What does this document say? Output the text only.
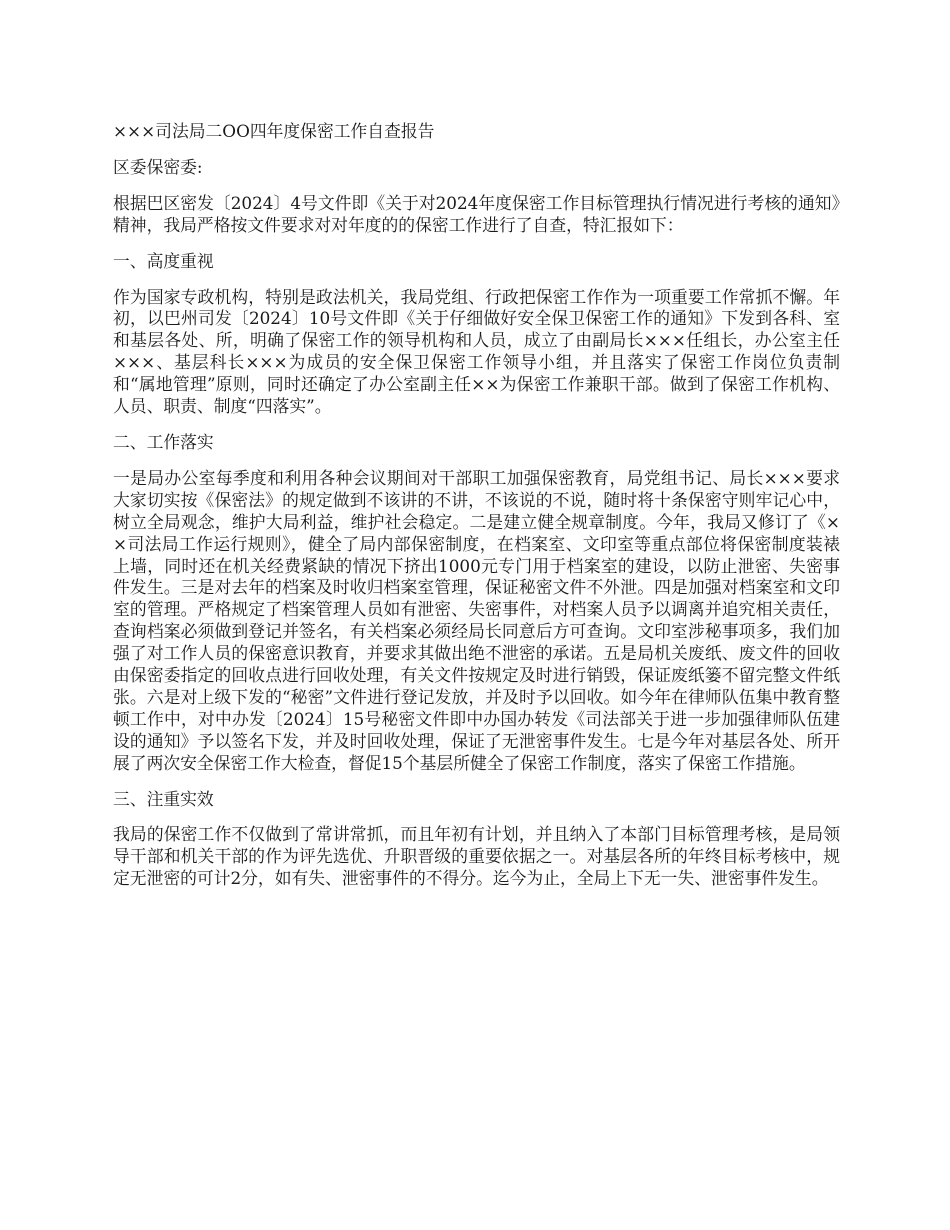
×××司法局二OO四年度保密工作自查报告
区委保密委:
根据巴区密发〔2024〕4号文件即《关于对2024年度保密工作目标管理执行情况进行考核的通知》精神，我局严格按文件要求对对年度的的保密工作进行了自查，特汇报如下：
一、高度重视
作为国家专政机构，特别是政法机关，我局党组、行政把保密工作作为一项重要工作常抓不懈。年初，以巴州司发〔2024〕10号文件即《关于仔细做好安全保卫保密工作的通知》下发到各科、室和基层各处、所，明确了保密工作的领导机构和人员，成立了由副局长×××任组长，办公室主任×××、基层科长×××为成员的安全保卫保密工作领导小组，并且落实了保密工作岗位负责制和“属地管理”原则，同时还确定了办公室副主任××为保密工作兼职干部。做到了保密工作机构、人员、职责、制度“四落实”。
二、工作落实
一是局办公室每季度和利用各种会议期间对干部职工加强保密教育，局党组书记、局长×××要求大家切实按《保密法》的规定做到不该讲的不讲，不该说的不说，随时将十条保密守则牢记心中，树立全局观念，维护大局利益，维护社会稳定。二是建立健全规章制度。今年，我局又修订了《××司法局工作运行规则》，健全了局内部保密制度，在档案室、文印室等重点部位将保密制度装裱上墙，同时还在机关经费紧缺的情况下挤出1000元专门用于档案室的建设，以防止泄密、失密事件发生。三是对去年的档案及时收归档案室管理，保证秘密文件不外泄。四是加强对档案室和文印室的管理。严格规定了档案管理人员如有泄密、失密事件，对档案人员予以调离并追究相关责任，查询档案必须做到登记并签名，有关档案必须经局长同意后方可查询。文印室涉秘事项多，我们加强了对工作人员的保密意识教育，并要求其做出绝不泄密的承诺。五是局机关废纸、废文件的回收由保密委指定的回收点进行回收处理，有关文件按规定及时进行销毁，保证废纸篓不留完整文件纸张。六是对上级下发的“秘密”文件进行登记发放，并及时予以回收。如今年在律师队伍集中教育整顿工作中，对中办发〔2024〕15号秘密文件即中办国办转发《司法部关于进一步加强律师队伍建设的通知》予以签名下发，并及时回收处理，保证了无泄密事件发生。七是今年对基层各处、所开展了两次安全保密工作大检查，督促15个基层所健全了保密工作制度，落实了保密工作措施。
三、注重实效
我局的保密工作不仅做到了常讲常抓，而且年初有计划，并且纳入了本部门目标管理考核，是局领导干部和机关干部的作为评先选优、升职晋级的重要依据之一。对基层各所的年终目标考核中，规定无泄密的可计2分，如有失、泄密事件的不得分。迄今为止，全局上下无一失、泄密事件发生。
